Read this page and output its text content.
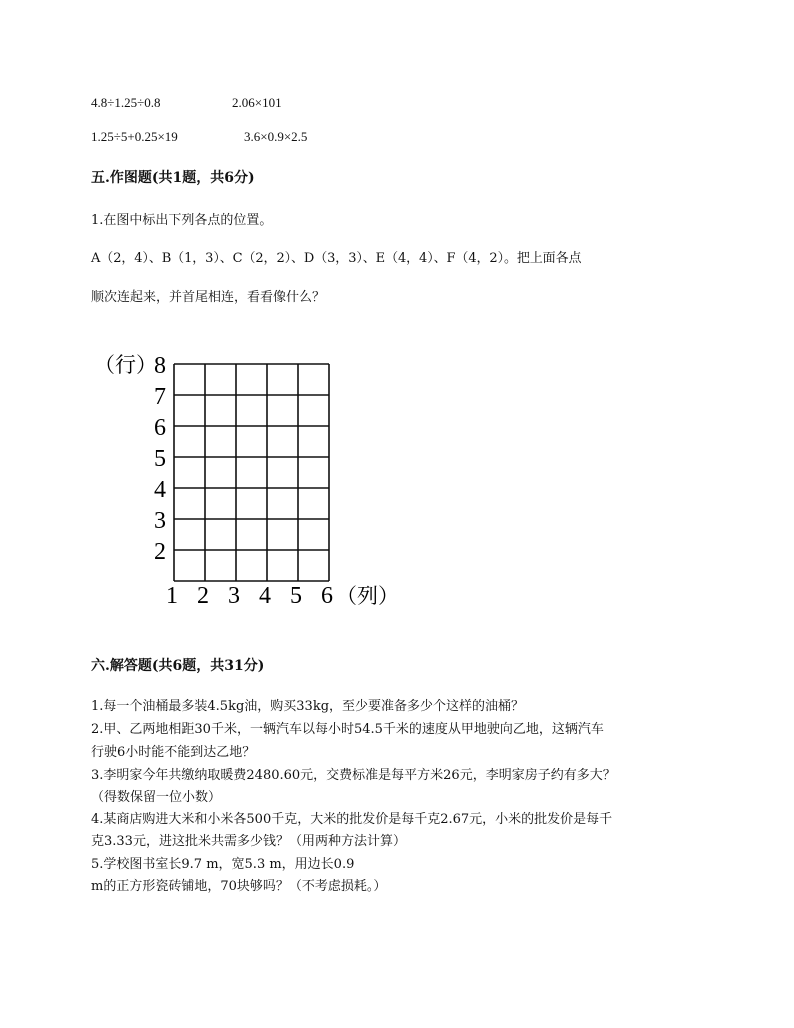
4.8÷1.25÷0.8	2.06×101
1.25÷5+0.25×19	3.6×0.9×2.5
五.作图题(共1题，共6分)
1.在图中标出下列各点的位置。
A（2，4）、B（1，3）、C（2，2）、D（3，3）、E（4，4）、F（4，2）。把上面各点
顺次连起来，并首尾相连，看看像什么？
（行）
8
7
6
5
4
3
2
1 2 3 4 5 6 （列）
六.解答题(共6题，共31分)
1.每一个油桶最多装4.5kg油，购买33kg，至少要准备多少个这样的油桶？
2.甲、乙两地相距30千米，一辆汽车以每小时54.5千米的速度从甲地驶向乙地，这辆汽车
行驶6小时能不能到达乙地？
3.李明家今年共缴纳取暖费2480.60元，交费标准是每平方米26元，李明家房子约有多大？
（得数保留一位小数）
4.某商店购进大米和小米各500千克，大米的批发价是每千克2.67元，小米的批发价是每千
克3.33元，进这批米共需多少钱？（用两种方法计算）
5.学校图书室长9.7 m，宽5.3 m，用边长0.9
m的正方形瓷砖铺地，70块够吗？（不考虑损耗。）
